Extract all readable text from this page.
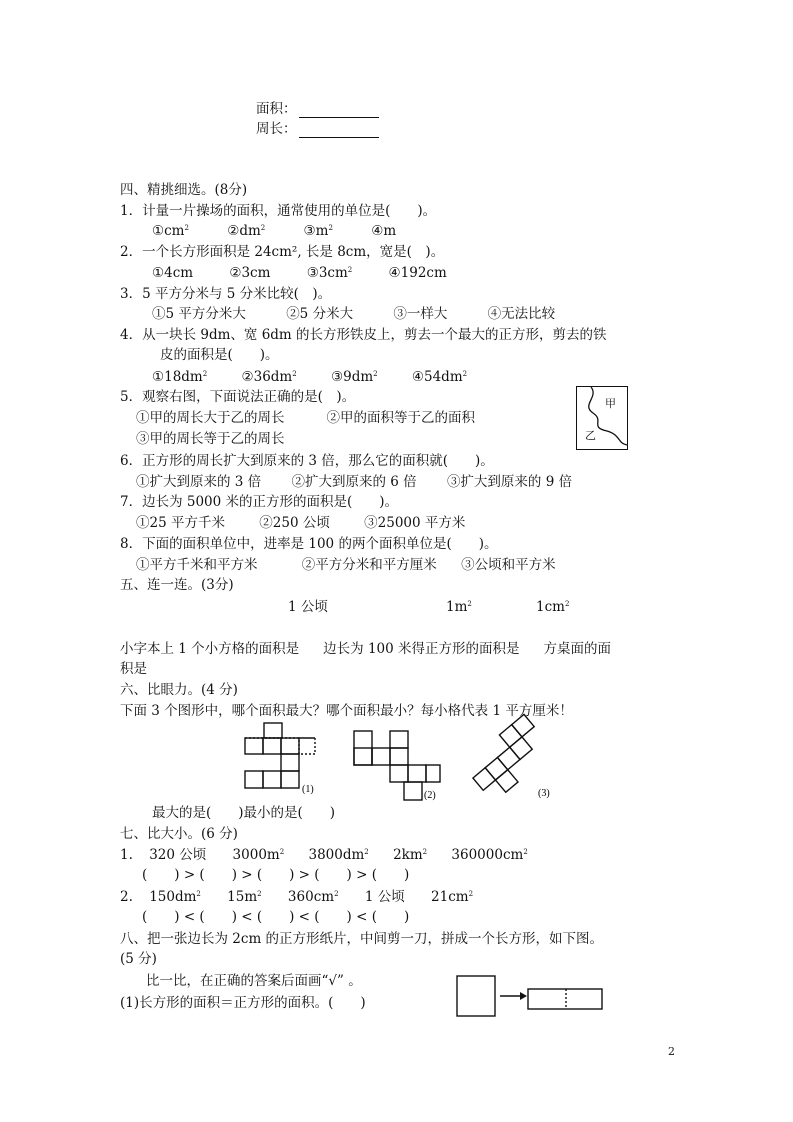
面积：
周长：
四、精挑细选。(8分)
1．计量一片操场的面积，通常使用的单位是(　　)。
$①cm^2$	$②dm^2$	$③m^2$	④m
2．一个长方形面积是 24cm², 长是 8cm，宽是(　)。
①4cm	②3cm	$③3cm^2$	④192cm
3．5 平方分米与 5 分米比较(　)。
①5 平方分米大	②5 分米大	③一样大	④无法比较
4．从一块长 9dm、宽 6dm 的长方形铁皮上，剪去一个最大的正方形，剪去的铁
皮的面积是(　　)。
$①18dm^2$	$②36dm^2$	$③9dm^2$	$④54dm^2$
5．观察右图，下面说法正确的是(　)。
①甲的周长大于乙的周长	②甲的面积等于乙的面积
③甲的周长等于乙的周长
甲
乙
6．正方形的周长扩大到原来的 3 倍，那么它的面积就(　　)。
①扩大到原来的 3 倍 ②扩大到原来的 6 倍 ③扩大到原来的 9 倍
7．边长为 5000 米的正方形的面积是(　　)。
①25 平方千米	②250 公顷	③25000 平方米
8．下面的面积单位中，进率是 100 的两个面积单位是(　　)。
①平方千米和平方米	②平方分米和平方厘米 ③公顷和平方米
五、连一连。(3分)
1 公顷	$1m^2$	$1cm^2$
小字本上 1 个小方格的面积是 边长为 100 米得正方形的面积是 方桌面的面
积是
六、比眼力。(4 分)
下面 3 个图形中，哪个面积最大？哪个面积最小？每小格代表 1 平方厘米！
(1)
(2)	(3)
最大的是(　　)最小的是(　　)
七、比大小。(6 分)
1. 320 公顷 $3000m^2$ $3800dm^2$ $2km^2$ $360000cm^2$
(　　) > (　　) > (　　) > (　　) > (　　)
2. $150dm^2$ $15m^2$ $360cm^2$ 1 公顷 $21cm^2$
(　　) < (　　) < (　　) < (　　) < (　　)
八、把一张边长为 2cm 的正方形纸片，中间剪一刀，拼成一个长方形，如下图。
(5 分)
比一比，在正确的答案后面画“√” 。
(1)长方形的面积＝正方形的面积。(　　)
2
